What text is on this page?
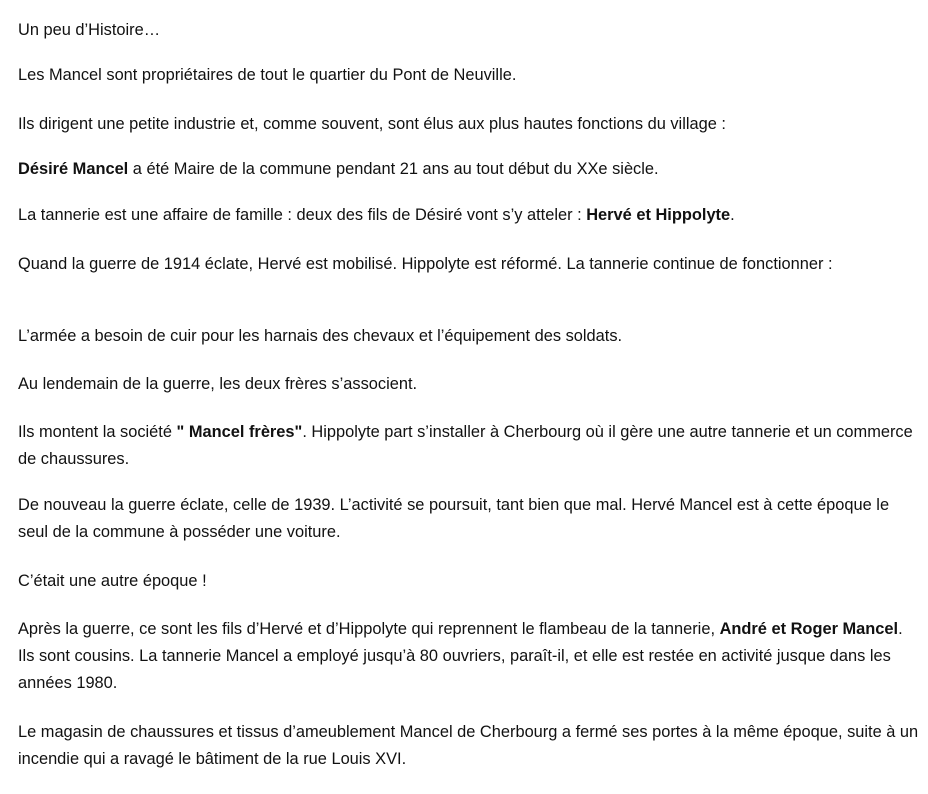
Un peu d’Histoire…

Les Mancel sont propriétaires de tout le quartier du Pont de Neuville.

Ils dirigent une petite industrie et, comme souvent, sont élus aux plus hautes fonctions du village :

Désiré Mancel a été Maire de la commune pendant 21 ans au tout début du XXe siècle.

La tannerie est une affaire de famille : deux des fils de Désiré vont s’y atteler : Hervé et Hippolyte.

Quand la guerre de 1914 éclate, Hervé est mobilisé. Hippolyte est réformé. La tannerie continue de fonctionner :

L’armée a besoin de cuir pour les harnais des chevaux et l’équipement des soldats.

Au lendemain de la guerre, les deux frères s’associent.

Ils montent la société " Mancel frères". Hippolyte part s’installer à Cherbourg où il gère une autre tannerie et un commerce de chaussures.

De nouveau la guerre éclate, celle de 1939. L’activité se poursuit, tant bien que mal. Hervé Mancel est à cette époque le seul de la commune à posséder une voiture.

C’était une autre époque !

Après la guerre, ce sont les fils d’Hervé et d’Hippolyte qui reprennent le flambeau de la tannerie, André et Roger Mancel. Ils sont cousins. La tannerie Mancel a employé jusqu’à 80 ouvriers, paraît-il, et elle est restée en activité jusque dans les années 1980.

Le magasin de chaussures et tissus d’ameublement Mancel de Cherbourg a fermé ses portes à la même époque, suite à un incendie qui a ravagé le bâtiment de la rue Louis XVI.
